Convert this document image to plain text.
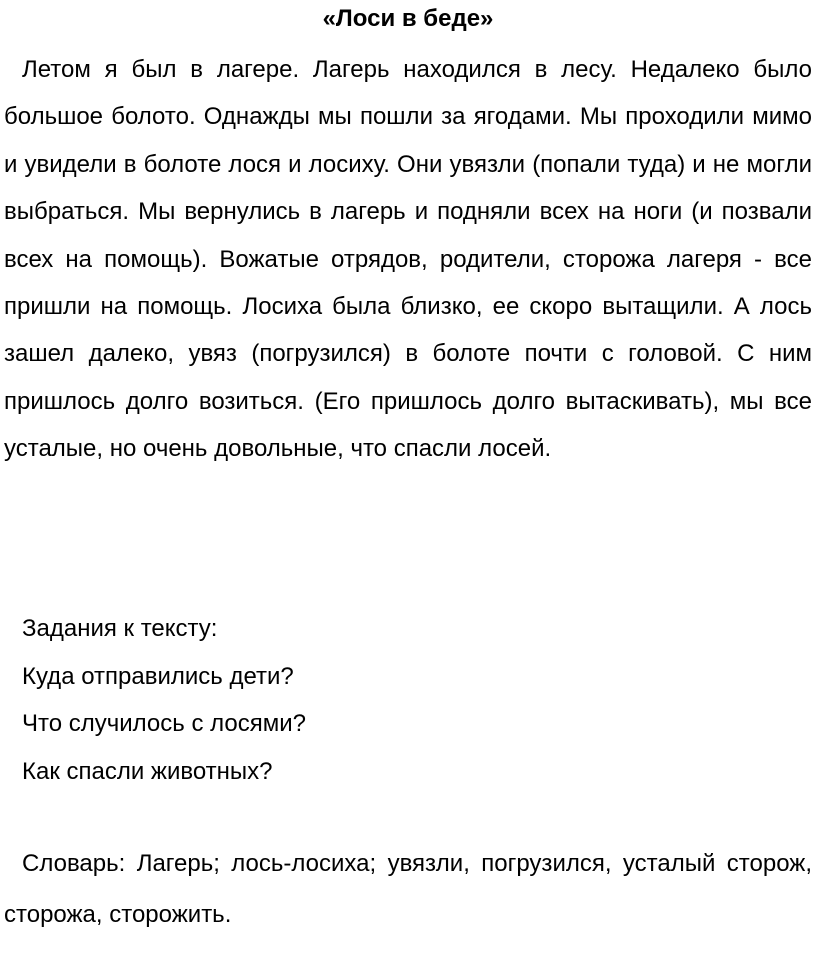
«Лоси в беде»

Летом я был в лагере. Лагерь находился в лесу. Недалеко было большое болото. Однажды мы пошли за ягодами. Мы проходили мимо и увидели в болоте лося и лосиху. Они увязли (попали туда) и не могли выбраться. Мы вернулись в лагерь и подняли всех на ноги (и позвали всех на помощь). Вожатые отрядов, родители, сторожа лагеря - все пришли на помощь. Лосиха была близко, ее скоро вытащили. А лось зашел далеко, увяз (погрузился) в болоте почти с головой. С ним пришлось долго возиться. (Его пришлось долго вытаскивать), мы все усталые, но очень довольные, что спасли лосей.

Задания к тексту:
Куда отправились дети?
Что случилось с лосями?
Как спасли животных?

Словарь: Лагерь; лось-лосиха; увязли, погрузился, усталый сторож, сторожа, сторожить.
